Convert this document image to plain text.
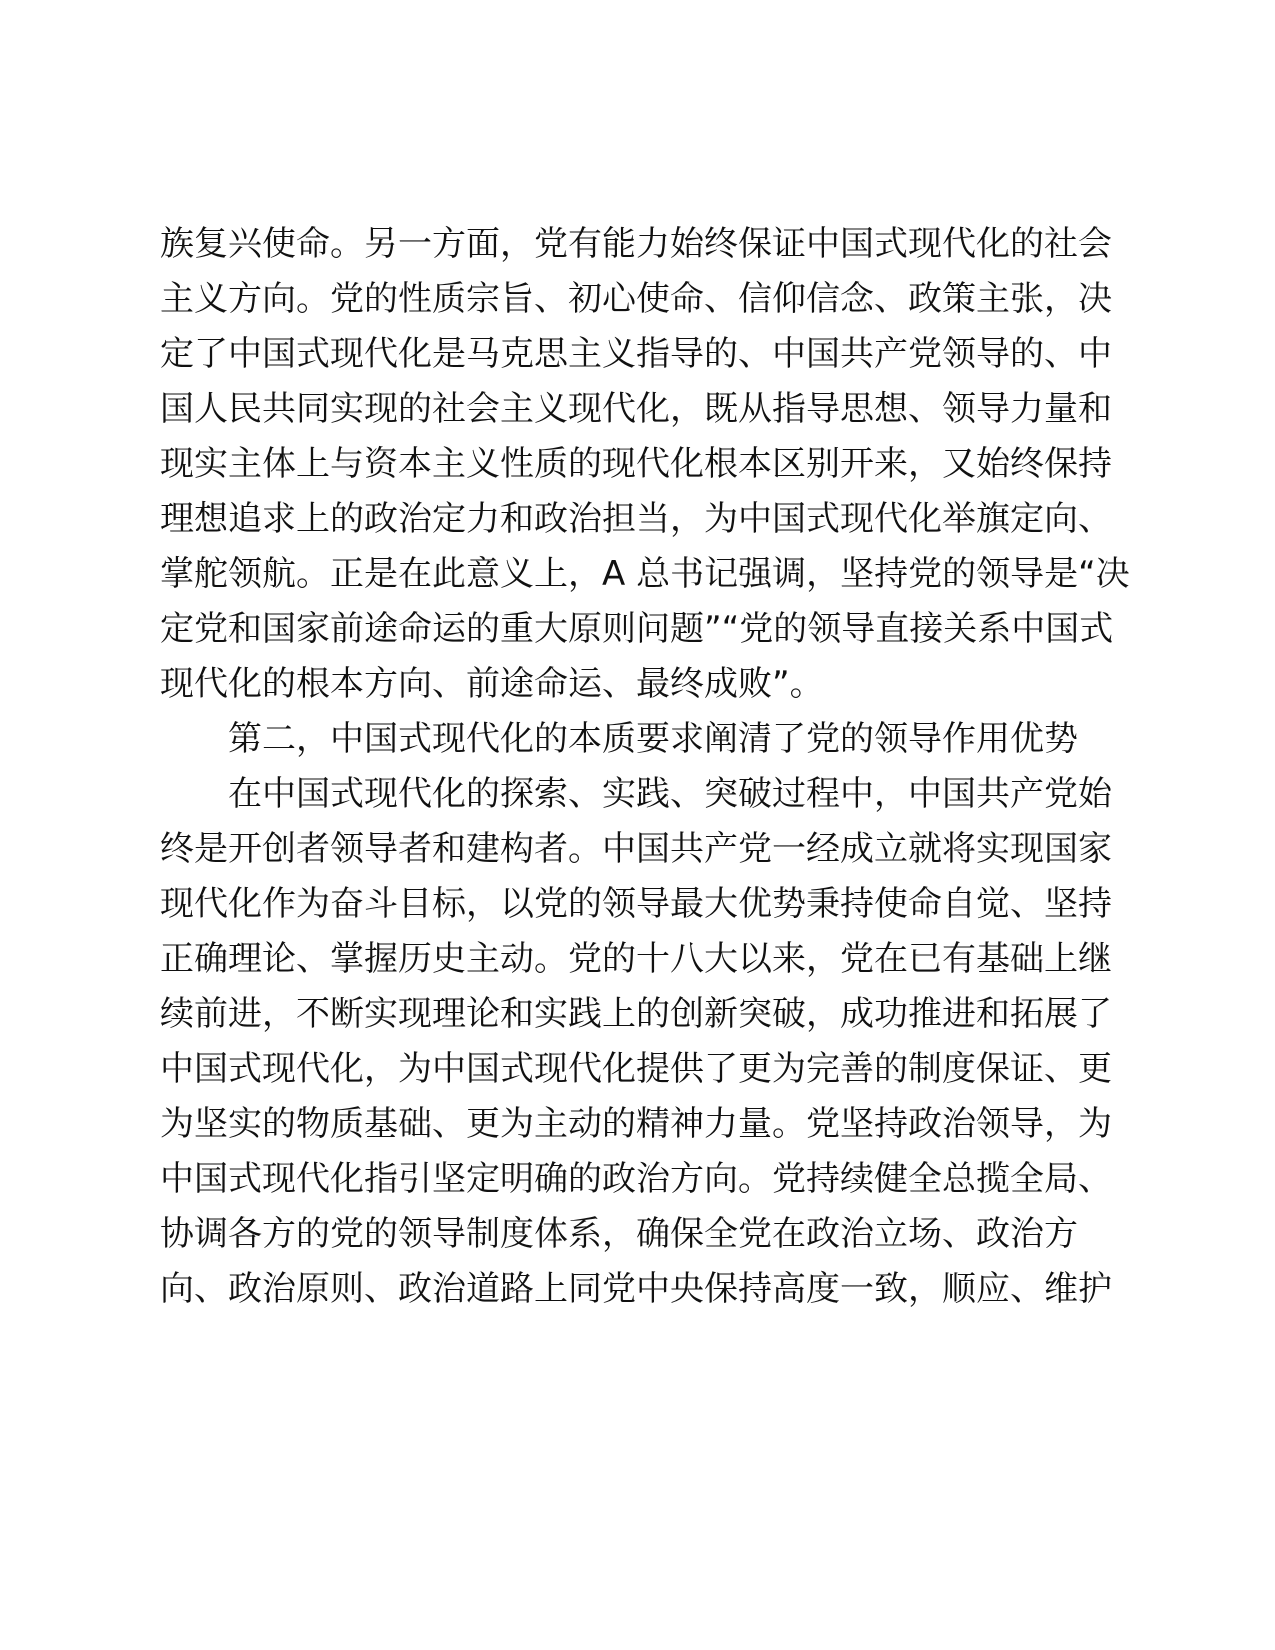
族复兴使命。另一方面，党有能力始终保证中国式现代化的社会
主义方向。党的性质宗旨、初心使命、信仰信念、政策主张，决
定了中国式现代化是马克思主义指导的、中国共产党领导的、中
国人民共同实现的社会主义现代化，既从指导思想、领导力量和
现实主体上与资本主义性质的现代化根本区别开来，又始终保持
理想追求上的政治定力和政治担当，为中国式现代化举旗定向、
掌舵领航。正是在此意义上，A 总书记强调，坚持党的领导是“决
定党和国家前途命运的重大原则问题”“党的领导直接关系中国式
现代化的根本方向、前途命运、最终成败”。
第二，中国式现代化的本质要求阐清了党的领导作用优势
在中国式现代化的探索、实践、突破过程中，中国共产党始
终是开创者领导者和建构者。中国共产党一经成立就将实现国家
现代化作为奋斗目标，以党的领导最大优势秉持使命自觉、坚持
正确理论、掌握历史主动。党的十八大以来，党在已有基础上继
续前进，不断实现理论和实践上的创新突破，成功推进和拓展了
中国式现代化，为中国式现代化提供了更为完善的制度保证、更
为坚实的物质基础、更为主动的精神力量。党坚持政治领导，为
中国式现代化指引坚定明确的政治方向。党持续健全总揽全局、
协调各方的党的领导制度体系，确保全党在政治立场、政治方
向、政治原则、政治道路上同党中央保持高度一致，顺应、维护
